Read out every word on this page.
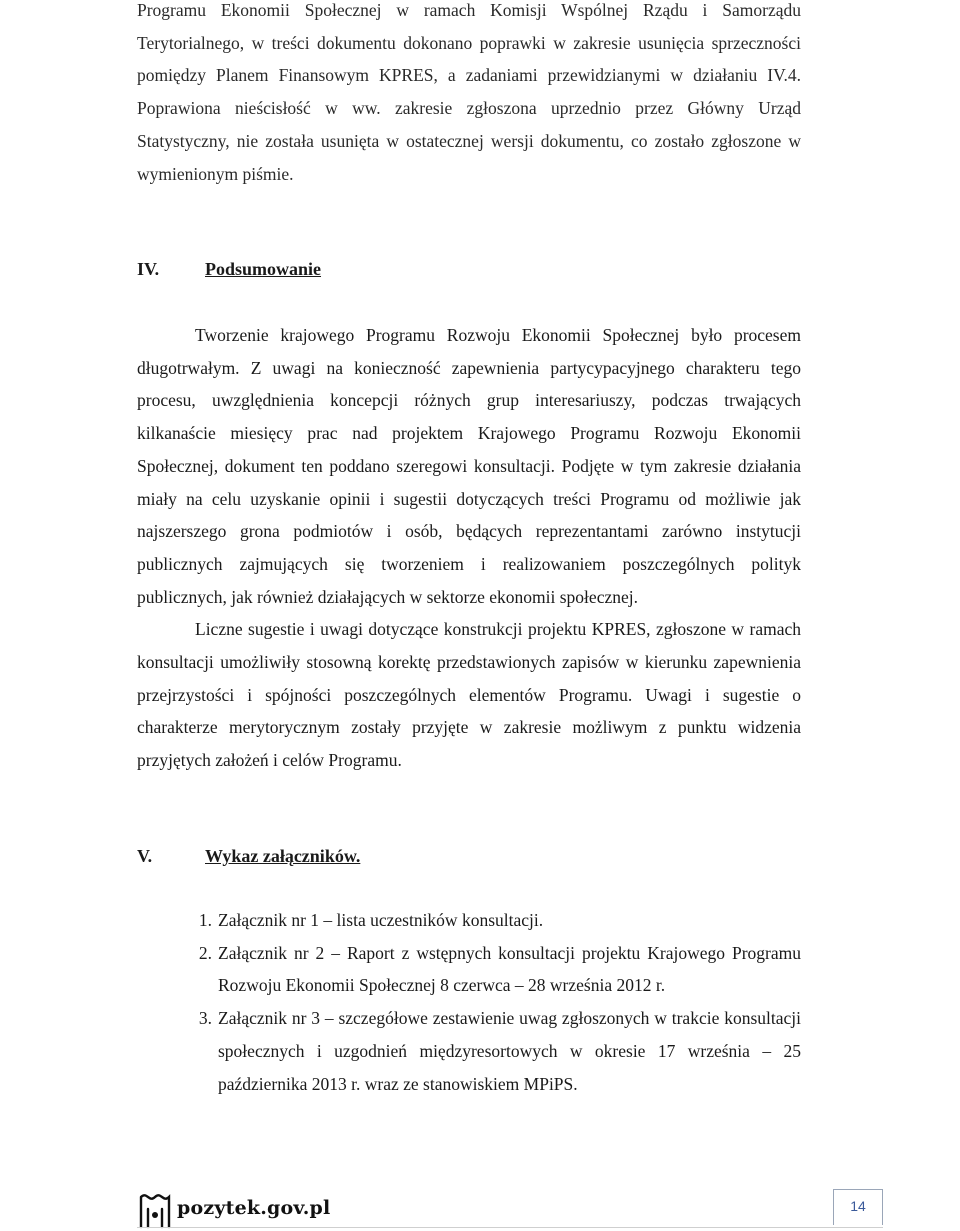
Programu Ekonomii Społecznej w ramach Komisji Wspólnej Rządu i Samorządu Terytorialnego, w treści dokumentu dokonano poprawki w zakresie usunięcia sprzeczności pomiędzy Planem Finansowym KPRES, a zadaniami przewidzianymi w działaniu IV.4. Poprawiona nieścisłość w ww. zakresie zgłoszona uprzednio przez Główny Urząd Statystyczny, nie została usunięta w ostatecznej wersji dokumentu, co zostało zgłoszone w wymienionym piśmie.

IV.	Podsumowanie

Tworzenie krajowego Programu Rozwoju Ekonomii Społecznej było procesem długotrwałym. Z uwagi na konieczność zapewnienia partycypacyjnego charakteru tego procesu, uwzględnienia koncepcji różnych grup interesariuszy, podczas trwających kilkanaście miesięcy prac nad projektem Krajowego Programu Rozwoju Ekonomii Społecznej, dokument ten poddano szeregowi konsultacji. Podjęte w tym zakresie działania miały na celu uzyskanie opinii i sugestii dotyczących treści Programu od możliwie jak najszerszego grona podmiotów i osób, będących reprezentantami zarówno instytucji publicznych zajmujących się tworzeniem i realizowaniem poszczególnych polityk publicznych, jak również działających w sektorze ekonomii społecznej.

Liczne sugestie i uwagi dotyczące konstrukcji projektu KPRES, zgłoszone w ramach konsultacji umożliwiły stosowną korektę przedstawionych zapisów w kierunku zapewnienia przejrzystości i spójności poszczególnych elementów Programu. Uwagi i sugestie o charakterze merytorycznym zostały przyjęte w zakresie możliwym z punktu widzenia przyjętych założeń i celów Programu.

V.	Wykaz załączników.
1. Załącznik nr 1 – lista uczestników konsultacji.
2. Załącznik nr 2 – Raport z wstępnych konsultacji projektu Krajowego Programu Rozwoju Ekonomii Społecznej 8 czerwca – 28 września 2012 r.
3. Załącznik nr 3 – szczegółowe zestawienie uwag zgłoszonych w trakcie konsultacji społecznych i uzgodnień międzyresortowych w okresie 17 września – 25 października 2013 r. wraz ze stanowiskiem MPiPS.
pozytek.gov.pl	14
